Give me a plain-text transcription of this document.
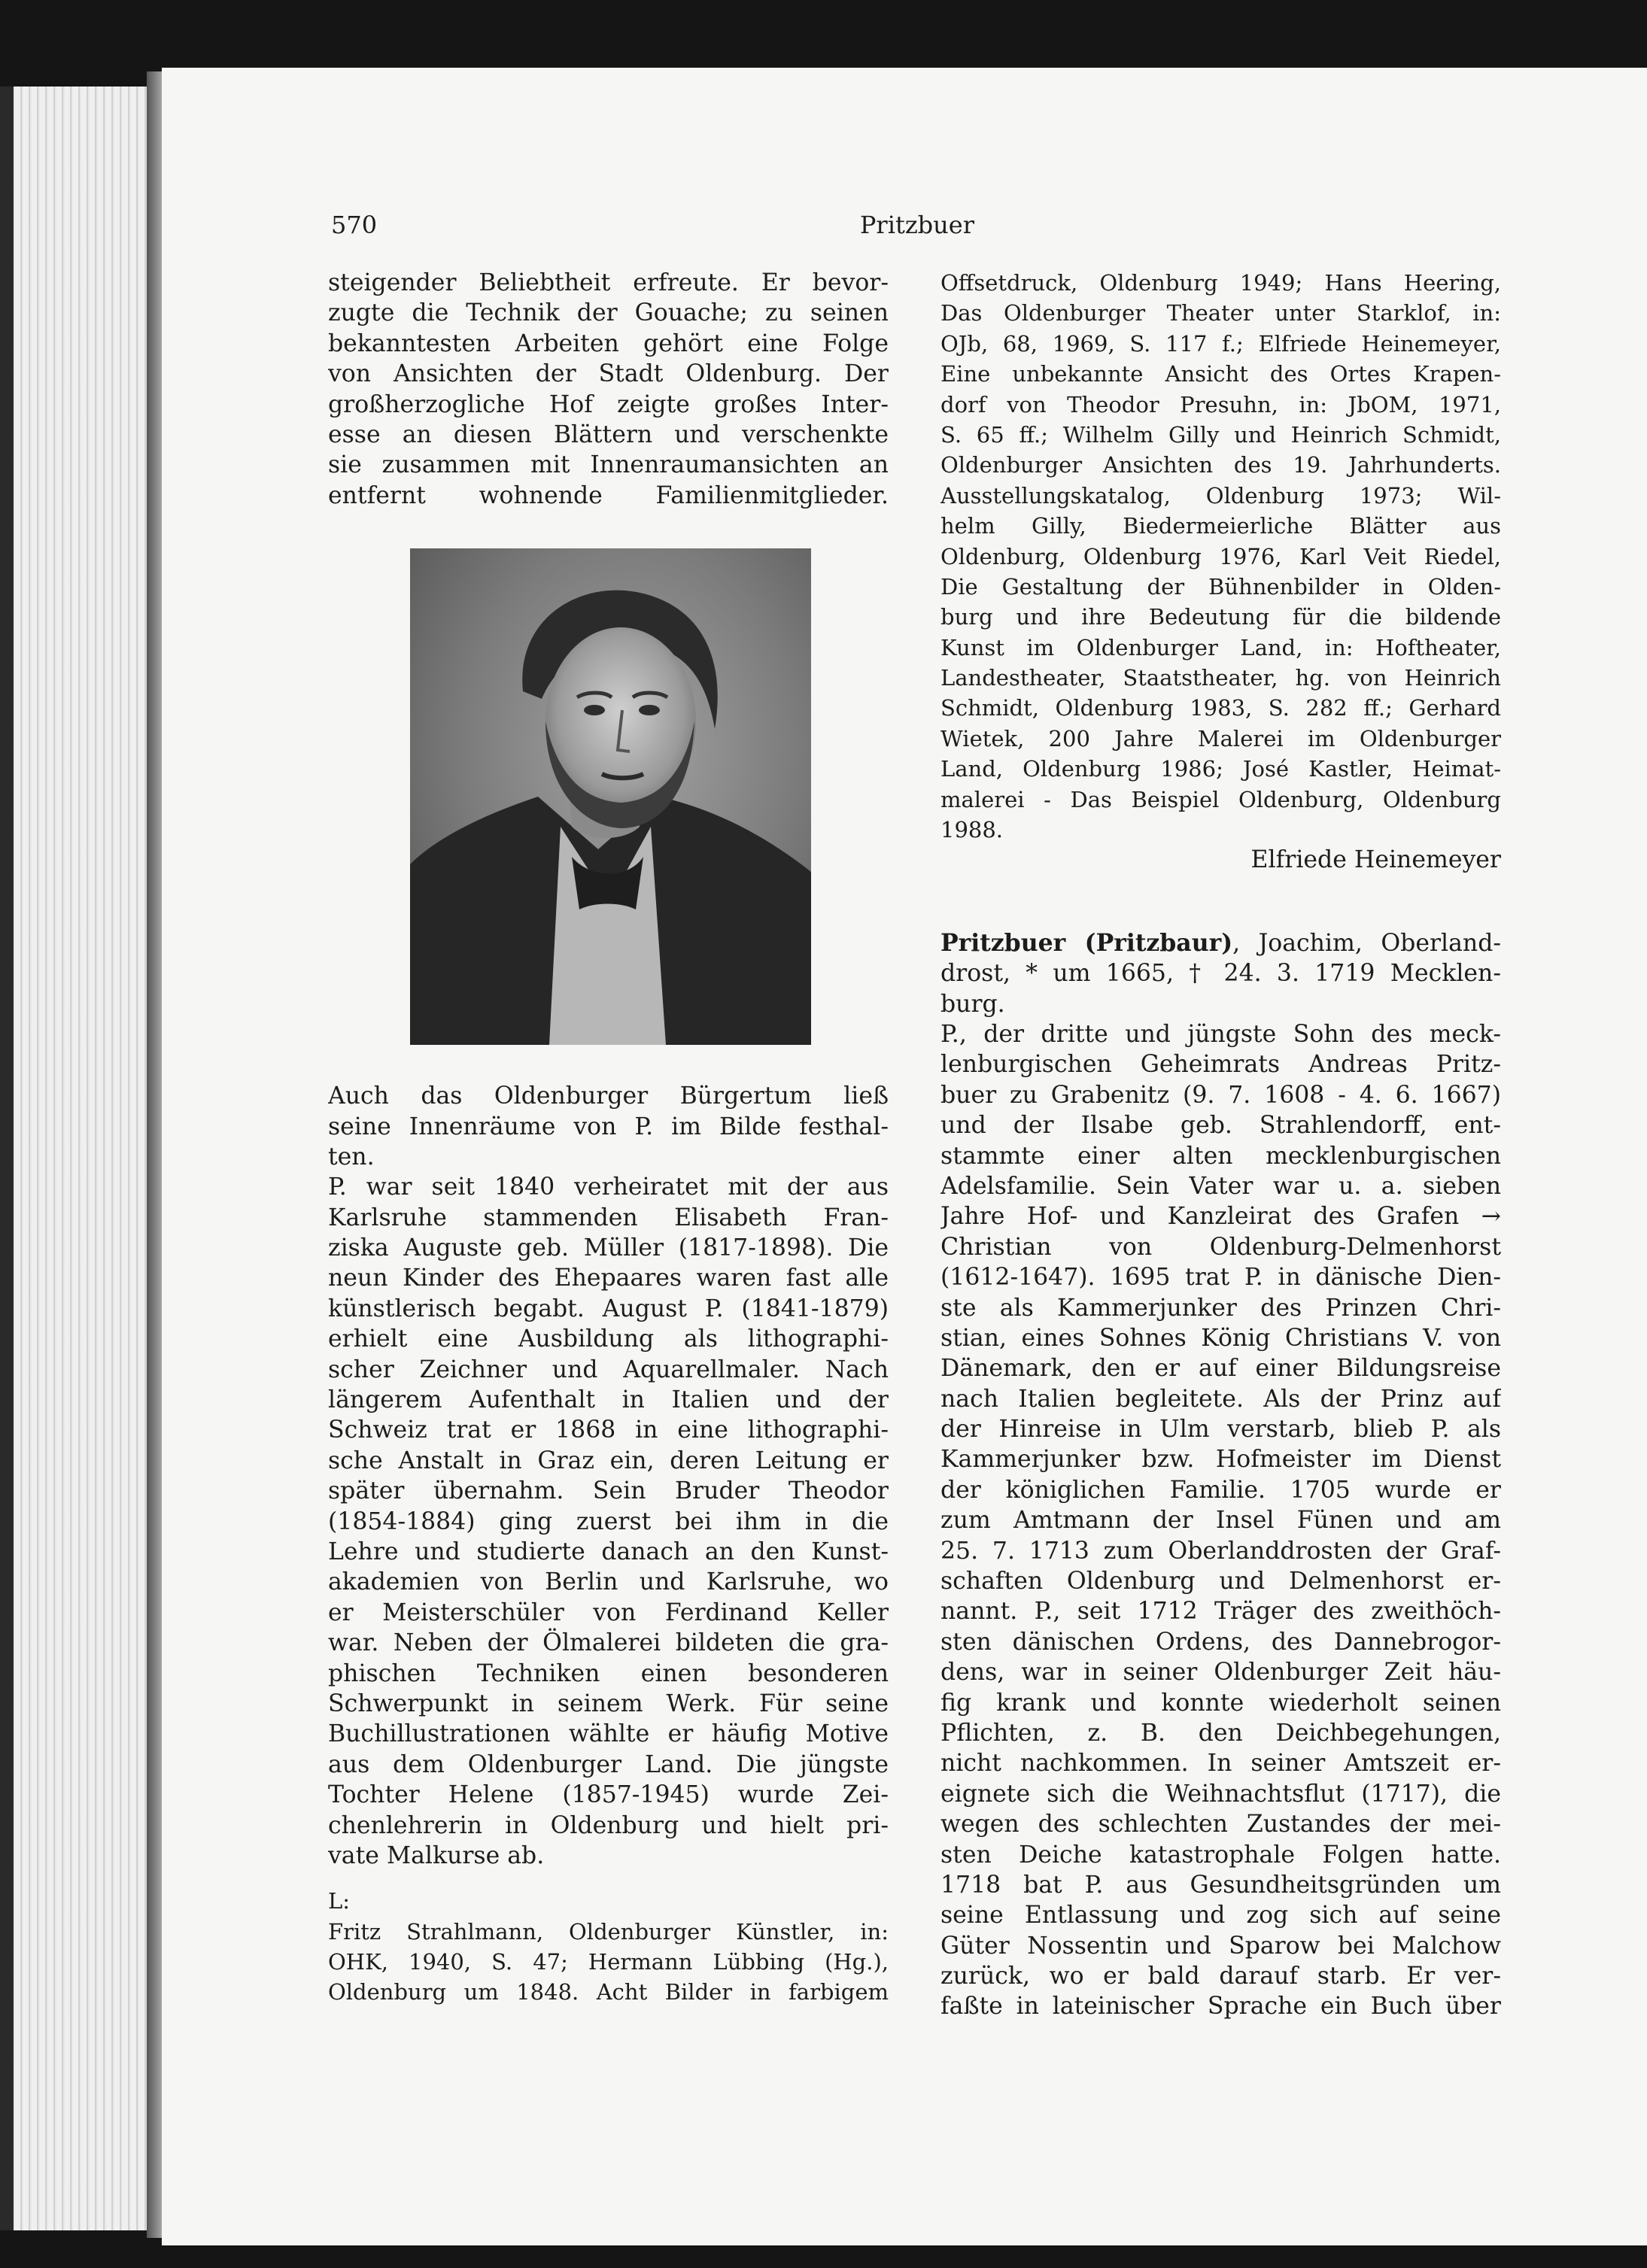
570	Pritzbuer
steigender Beliebtheit erfreute. Er bevor-
zugte die Technik der Gouache; zu seinen
bekanntesten Arbeiten gehört eine Folge
von Ansichten der Stadt Oldenburg. Der
großherzogliche Hof zeigte großes Inter-
esse an diesen Blättern und verschenkte
sie zusammen mit Innenraumansichten an
entfernt wohnende Familienmitglieder.
Auch das Oldenburger Bürgertum ließ
seine Innenräume von P. im Bilde festhal-
ten.
P. war seit 1840 verheiratet mit der aus
Karlsruhe stammenden Elisabeth Fran-
ziska Auguste geb. Müller (1817-1898). Die
neun Kinder des Ehepaares waren fast alle
künstlerisch begabt. August P. (1841-1879)
erhielt eine Ausbildung als lithographi-
scher Zeichner und Aquarellmaler. Nach
längerem Aufenthalt in Italien und der
Schweiz trat er 1868 in eine lithographi-
sche Anstalt in Graz ein, deren Leitung er
später übernahm. Sein Bruder Theodor
(1854-1884) ging zuerst bei ihm in die
Lehre und studierte danach an den Kunst-
akademien von Berlin und Karlsruhe, wo
er Meisterschüler von Ferdinand Keller
war. Neben der Ölmalerei bildeten die gra-
phischen Techniken einen besonderen
Schwerpunkt in seinem Werk. Für seine
Buchillustrationen wählte er häufig Motive
aus dem Oldenburger Land. Die jüngste
Tochter Helene (1857-1945) wurde Zei-
chenlehrerin in Oldenburg und hielt pri-
vate Malkurse ab.
L:
Fritz Strahlmann, Oldenburger Künstler, in:
OHK, 1940, S. 47; Hermann Lübbing (Hg.),
Oldenburg um 1848. Acht Bilder in farbigem
Offsetdruck, Oldenburg 1949; Hans Heering,
Das Oldenburger Theater unter Starklof, in:
OJb, 68, 1969, S. 117 f.; Elfriede Heinemeyer,
Eine unbekannte Ansicht des Ortes Krapen-
dorf von Theodor Presuhn, in: JbOM, 1971,
S. 65 ff.; Wilhelm Gilly und Heinrich Schmidt,
Oldenburger Ansichten des 19. Jahrhunderts.
Ausstellungskatalog, Oldenburg 1973; Wil-
helm Gilly, Biedermeierliche Blätter aus
Oldenburg, Oldenburg 1976, Karl Veit Riedel,
Die Gestaltung der Bühnenbilder in Olden-
burg und ihre Bedeutung für die bildende
Kunst im Oldenburger Land, in: Hoftheater,
Landestheater, Staatstheater, hg. von Heinrich
Schmidt, Oldenburg 1983, S. 282 ff.; Gerhard
Wietek, 200 Jahre Malerei im Oldenburger
Land, Oldenburg 1986; José Kastler, Heimat-
malerei - Das Beispiel Oldenburg, Oldenburg
1988.
Elfriede Heinemeyer
Pritzbuer (Pritzbaur), Joachim, Oberland-
drost, * um 1665, † 24. 3. 1719 Mecklen-
burg.
P., der dritte und jüngste Sohn des meck-
lenburgischen Geheimrats Andreas Pritz-
buer zu Grabenitz (9. 7. 1608 - 4. 6. 1667)
und der Ilsabe geb. Strahlendorff, ent-
stammte einer alten mecklenburgischen
Adelsfamilie. Sein Vater war u. a. sieben
Jahre Hof- und Kanzleirat des Grafen →
Christian von Oldenburg-Delmenhorst
(1612-1647). 1695 trat P. in dänische Dien-
ste als Kammerjunker des Prinzen Chri-
stian, eines Sohnes König Christians V. von
Dänemark, den er auf einer Bildungsreise
nach Italien begleitete. Als der Prinz auf
der Hinreise in Ulm verstarb, blieb P. als
Kammerjunker bzw. Hofmeister im Dienst
der königlichen Familie. 1705 wurde er
zum Amtmann der Insel Fünen und am
25. 7. 1713 zum Oberlanddrosten der Graf-
schaften Oldenburg und Delmenhorst er-
nannt. P., seit 1712 Träger des zweithöch-
sten dänischen Ordens, des Dannebrogor-
dens, war in seiner Oldenburger Zeit häu-
fig krank und konnte wiederholt seinen
Pflichten, z. B. den Deichbegehungen,
nicht nachkommen. In seiner Amtszeit er-
eignete sich die Weihnachtsflut (1717), die
wegen des schlechten Zustandes der mei-
sten Deiche katastrophale Folgen hatte.
1718 bat P. aus Gesundheitsgründen um
seine Entlassung und zog sich auf seine
Güter Nossentin und Sparow bei Malchow
zurück, wo er bald darauf starb. Er ver-
faßte in lateinischer Sprache ein Buch über
